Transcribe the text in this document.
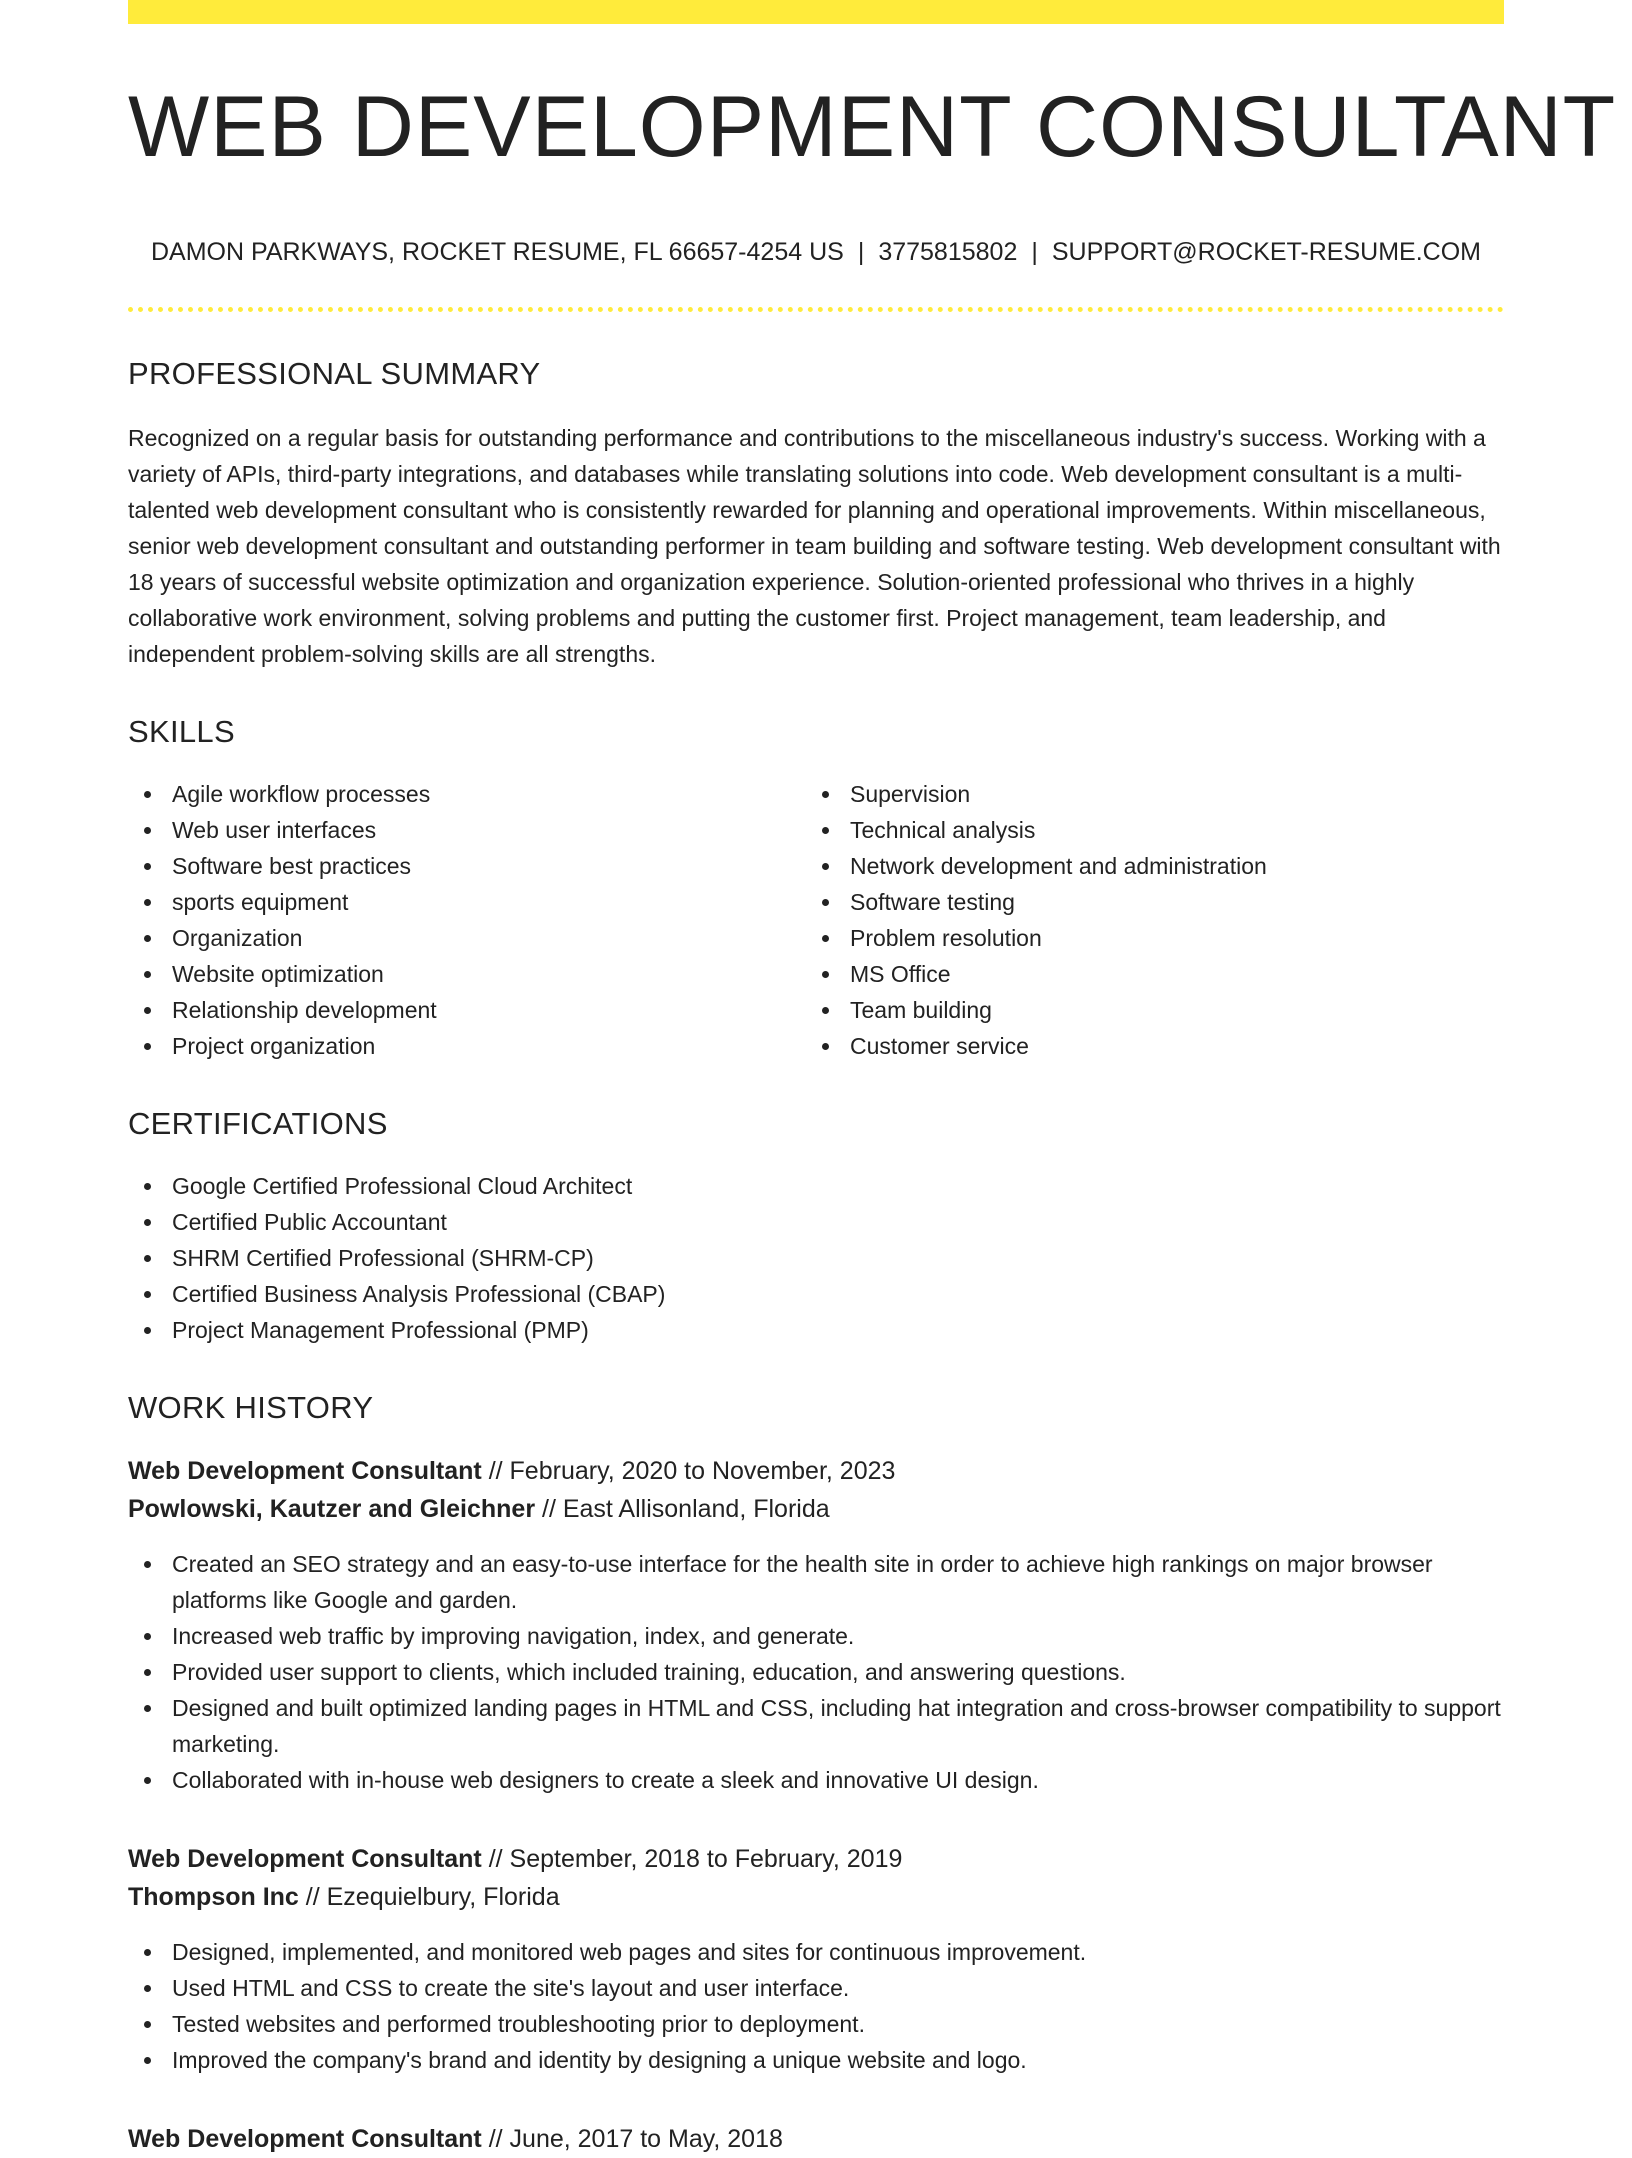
WEB DEVELOPMENT CONSULTANT
DAMON PARKWAYS, ROCKET RESUME, FL 66657-4254 US | 3775815802 | SUPPORT@ROCKET-RESUME.COM
PROFESSIONAL SUMMARY

Recognized on a regular basis for outstanding performance and contributions to the miscellaneous industry's success. Working with a variety of APIs, third-party integrations, and databases while translating solutions into code. Web development consultant is a multi-talented web development consultant who is consistently rewarded for planning and operational improvements. Within miscellaneous, senior web development consultant and outstanding performer in team building and software testing. Web development consultant with 18 years of successful website optimization and organization experience. Solution-oriented professional who thrives in a highly collaborative work environment, solving problems and putting the customer first. Project management, team leadership, and independent problem-solving skills are all strengths.

SKILLS
Agile workflow processes
Web user interfaces
Software best practices
sports equipment
Organization
Website optimization
Relationship development
Project organization
Supervision
Technical analysis
Network development and administration
Software testing
Problem resolution
MS Office
Team building
Customer service
CERTIFICATIONS
Google Certified Professional Cloud Architect
Certified Public Accountant
SHRM Certified Professional (SHRM-CP)
Certified Business Analysis Professional (CBAP)
Project Management Professional (PMP)
WORK HISTORY
Web Development Consultant // February, 2020 to November, 2023
Powlowski, Kautzer and Gleichner // East Allisonland, Florida
Created an SEO strategy and an easy-to-use interface for the health site in order to achieve high rankings on major browser platforms like Google and garden.
Increased web traffic by improving navigation, index, and generate.
Provided user support to clients, which included training, education, and answering questions.
Designed and built optimized landing pages in HTML and CSS, including hat integration and cross-browser compatibility to support marketing.
Collaborated with in-house web designers to create a sleek and innovative UI design.
Web Development Consultant // September, 2018 to February, 2019
Thompson Inc // Ezequielbury, Florida
Designed, implemented, and monitored web pages and sites for continuous improvement.
Used HTML and CSS to create the site's layout and user interface.
Tested websites and performed troubleshooting prior to deployment.
Improved the company's brand and identity by designing a unique website and logo.
Web Development Consultant // June, 2017 to May, 2018
